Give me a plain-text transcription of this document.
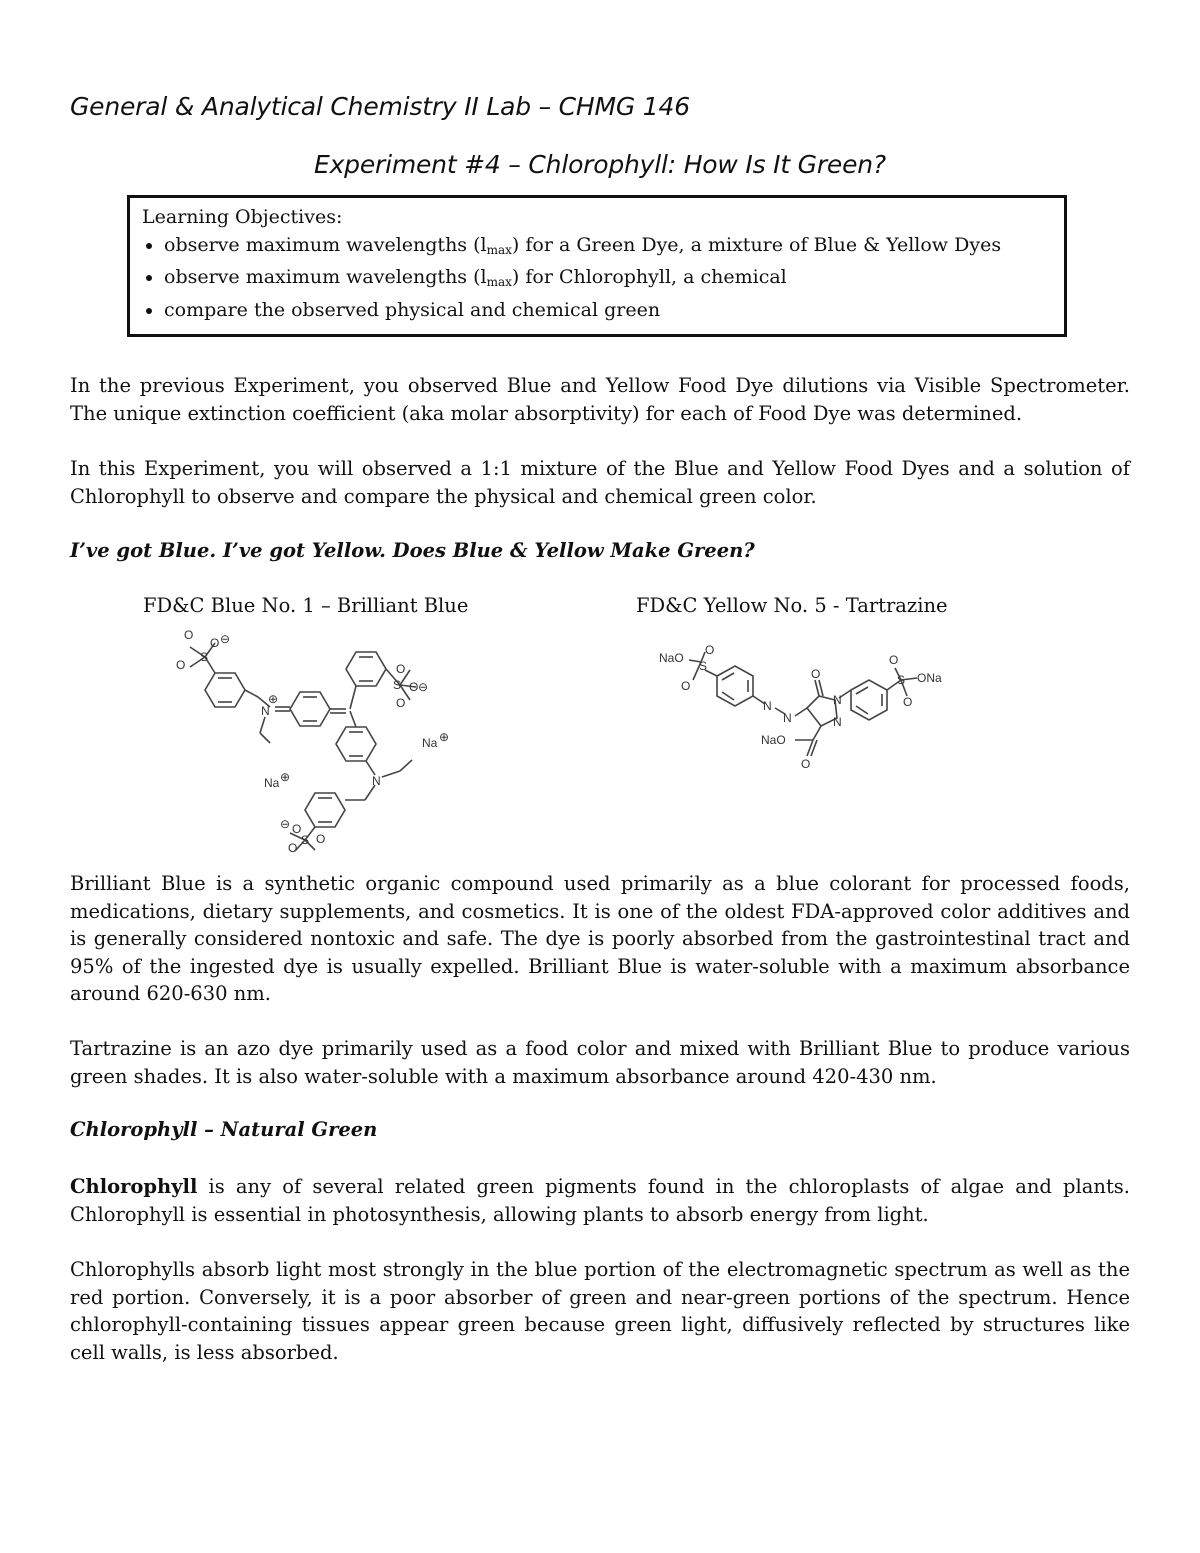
General & Analytical Chemistry II Lab – CHMG 146
Experiment #4 – Chlorophyll: How Is It Green?
Learning Objectives:
• observe maximum wavelengths $(l_{max})$ for a Green Dye, a mixture of Blue & Yellow Dyes
• observe maximum wavelengths $(l_{max})$ for Chlorophyll, a chemical
• compare the observed physical and chemical green
In the previous Experiment, you observed Blue and Yellow Food Dye dilutions via Visible Spectrometer. The unique extinction coefficient (aka molar absorptivity) for each of Food Dye was determined.
In this Experiment, you will observed a 1:1 mixture of the Blue and Yellow Food Dyes and a solution of Chlorophyll to observe and compare the physical and chemical green color.
I’ve got Blue. I’ve got Yellow. Does Blue & Yellow Make Green?
FD&C Blue No. 1 – Brilliant Blue	FD&C Yellow No. 5 - Tartrazine
O
O
S
O ⊖
N
⊕
O
O
S O ⊖
N
Na ⊕
Na ⊕
⊖ O
S O
O
NaO
O
S
O
N
N
O
N
N
NaO
O
O
S ONa
O
Brilliant Blue is a synthetic organic compound used primarily as a blue colorant for processed foods, medications, dietary supplements, and cosmetics. It is one of the oldest FDA-approved color additives and is generally considered nontoxic and safe. The dye is poorly absorbed from the gastrointestinal tract and 95% of the ingested dye is usually expelled. Brilliant Blue is water-soluble with a maximum absorbance around 620-630 nm.
Tartrazine is an azo dye primarily used as a food color and mixed with Brilliant Blue to produce various green shades. It is also water-soluble with a maximum absorbance around 420-430 nm.
Chlorophyll – Natural Green
Chlorophyll is any of several related green pigments found in the chloroplasts of algae and plants. Chlorophyll is essential in photosynthesis, allowing plants to absorb energy from light.
Chlorophylls absorb light most strongly in the blue portion of the electromagnetic spectrum as well as the red portion. Conversely, it is a poor absorber of green and near-green portions of the spectrum. Hence chlorophyll-containing tissues appear green because green light, diffusively reflected by structures like cell walls, is less absorbed.
